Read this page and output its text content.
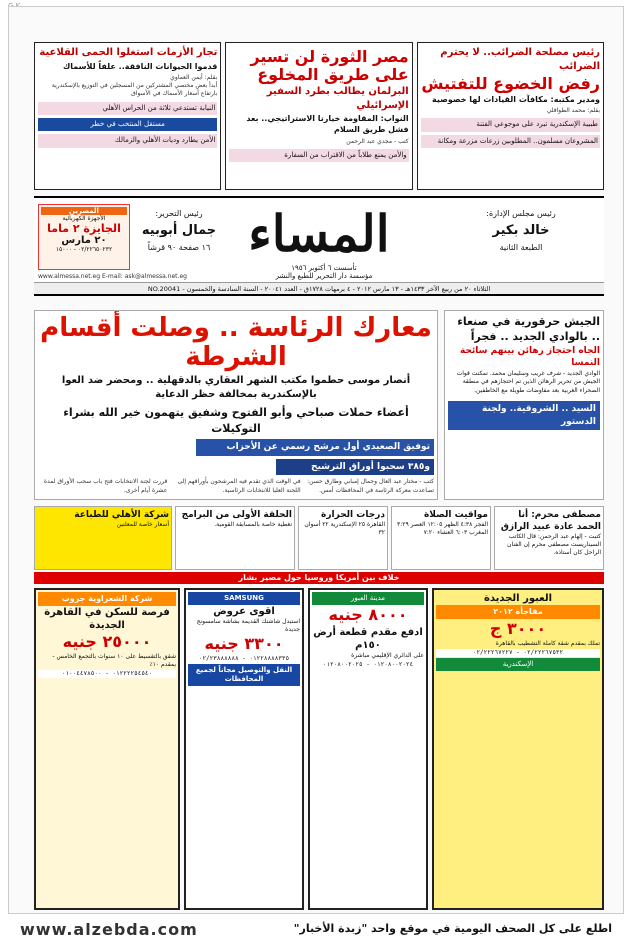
تجار الأزمات استغلوا الحمى القلاعية
قدموا الحيوانات النافقة.. علفاً للأسماك

بقلم: أيمن العماوي

أبدأ بعض مختصي المشتركين من المسجلين في التوزيع بالإسكندرية بارتفاع أسعار الأسماك في الأسواق

النيابة تستدعي ثلاثة من الحراس الأهلي
مستقل المنتخب في خطر
الأمن يطارد وديات الأهلي والزمالك
مصر الثورة لن تسير على طريق المخلوع
البرلمان يطالب بطرد السفير الإسرائيلي
النواب: المقاومة خيارنا الاستراتيجي.. بعد فشل طريق السلام

كتب - مجدي عبد الرحمن

والأمن يمنع طلاباً من الاقتراب من السفارة
رئيس مصلحة الضرائب.. لا يحترم الضرائب
رفض الخضوع للتفتيش
ومدير مكتبه: مكافآت القيادات لها خصوصية

بقلم: محمد الطواقلي

طبيبة الإسكندرية تبرد على موجوعي الفتنة
المشروعان مسلمون.. المطلوبين زرعات مزرعة ومكانة
رئيس مجلس الإدارة:
خالد بكير
الطبعة الثانية
المساء
تأسست ٦ أكتوبر ١٩٥٦
مؤسسة دار التحرير للطبع والنشر
رئيس التحرير:
جمال أبوبيه
١٦ صفحة ٩٠ قرشاً
المصرين
الأجهزة الكهربائية
الجايزة ٢ ماما
٢٠ مارس
٠٢/٢٢٦٥٠٢٣٢ - ١٥٠٠٠
www.almessa.net.eg E-mail: ask@almessa.net.eg
الثلاثاء ٢٠ من ربيع الآخر ١٤٣٣هـ - ١٣ مارس ٢٠١٢ - ٤ برمهات ١٧٢٨ق - العدد ٢٠٠٤١ - السنة السادسة والخمسون - NO.20041
الجيش حرقورية في صنعاء .. بالوادي الجديد .. فجراً
الجاه احتجاز رهائن بينهم سائحة النمسا

الوادي الجديد - شرف غريب وسليمان محمد. تمكنت قوات الجيش من تحرير الرهائن الذين تم احتجازهم في منطقة الصحراء الغربية بعد مفاوضات طويلة مع الخاطفين.

السيد .. الشروقية.. ولجنة الدستور
معارك الرئاسة .. وصلت أقسام الشرطة
أنصار موسى حطموا مكتب الشهر العقاري بالدقهلية .. ومحضر ضد العوا بالإسكندرية بمخالفة حظر الدعاية
أعضاء حملات صباحي وأبو الفتوح وشفيق يتهمون خير الله بشراء التوكيلات
توفيق الصعيدي أول مرشح رسمي عن الأحزاب
و٣٨٥ سحبوا أوراق الترشيح
كتب - مختار عبد العال وجمال إمبابي وطارق حسن: تصاعدت معركة الرئاسة في المحافظات أمس.
في الوقت الذي تقدم فيه المرشحون بأوراقهم إلى اللجنة العليا للانتخابات الرئاسية.
قررت لجنة الانتخابات فتح باب سحب الأوراق لمدة عشرة أيام أخرى.
مصطفى محرم: أنا الحمد عادة عبيد الرازق

كتبت - إلهام عبد الرحمن: قال الكاتب السيناريست مصطفى محرم إن الفنان الراحل كان أستاذه.

مواقيت الصلاة

الفجر ٤:٣٨ الظهر ١٢:٠٥ العصر ٣:٢٩ المغرب ٦:٠٣ العشاء ٧:٢٠

درجات الحرارة

القاهرة ٢٥ الإسكندرية ٢٢ أسوان ٣٢

الحلقة الأولى من البرامج

تغطية خاصة بالمسابقة القومية.

شركة الأهلي للطباعة

أسعار خاصة للمعلنين

خلاف بين أمريكا وروسيا حول مصير بشار
العبور الجديدة
مفاجأة ٢٠١٢
٣٠٠٠ ج

تملك بمقدم شقة كاملة التشطيب بالقاهرة

٠٢/٢٢٢٦٧٥٣٢ - ٠٢/٢٢٢٦٧٢٢٧
الإسكندرية
مدينة العبور
٨٠٠٠ جنيه
ادفع مقدم قطعة أرض ١٥٠م

على الدائري الإقليمي مباشرة

٠١٢٠٨٠٠٢٠٢٤ - ٠١٢٠٨٠٠٢٠٢٥
SAMSUNG
اقوى عروض

استبدل شاشتك القديمة بشاشة سامسونج جديدة

٣٣٠٠ جنيه
٠١٢٢٨٨٨٨٣٣٥ - ٠٢/٢٣٨٨٨٨٨٨
النقل والتوصيل مجاناً لجميع المحافظات
شركة الشعراوية جروب
فرصة للسكن في القاهرة الجديدة
٢٥٠٠٠ جنيه

شقق بالتقسيط على ١٠ سنوات بالتجمع الخامس - بمقدم ١٠٪

٠١٢٢٢٢٥٤٥٤٠ - ٠١٠٠٤٤٧٨٥٠٠
www.alzebda.com	اطلع على كل الصحف اليومية في موقع واحد "زبدة الأخبار"
